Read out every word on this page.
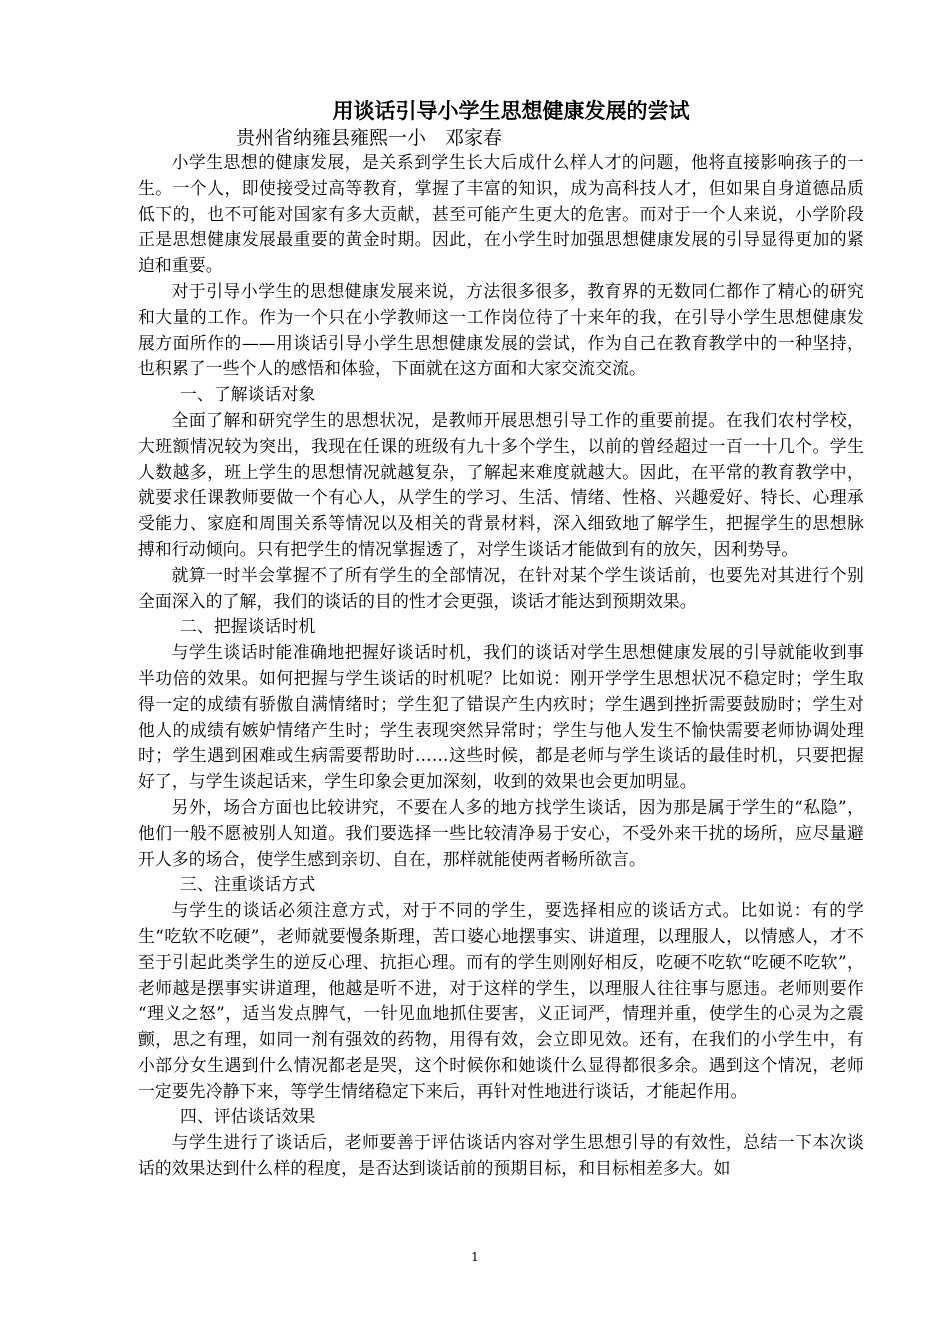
用谈话引导小学生思想健康发展的尝试

贵州省纳雍县雍熙一小　邓家春

小学生思想的健康发展，是关系到学生长大后成什么样人才的问题，他将直接影响孩子的一生。一个人，即使接受过高等教育，掌握了丰富的知识，成为高科技人才，但如果自身道德品质低下的，也不可能对国家有多大贡献，甚至可能产生更大的危害。而对于一个人来说，小学阶段正是思想健康发展最重要的黄金时期。因此，在小学生时加强思想健康发展的引导显得更加的紧迫和重要。

对于引导小学生的思想健康发展来说，方法很多很多，教育界的无数同仁都作了精心的研究和大量的工作。作为一个只在小学教师这一工作岗位待了十来年的我，在引导小学生思想健康发展方面所作的——用谈话引导小学生思想健康发展的尝试，作为自己在教育教学中的一种坚持，也积累了一些个人的感悟和体验，下面就在这方面和大家交流交流。

一、了解谈话对象

全面了解和研究学生的思想状况，是教师开展思想引导工作的重要前提。在我们农村学校，大班额情况较为突出，我现在任课的班级有九十多个学生，以前的曾经超过一百一十几个。学生人数越多，班上学生的思想情况就越复杂，了解起来难度就越大。因此，在平常的教育教学中，就要求任课教师要做一个有心人，从学生的学习、生活、情绪、性格、兴趣爱好、特长、心理承受能力、家庭和周围关系等情况以及相关的背景材料，深入细致地了解学生，把握学生的思想脉搏和行动倾向。只有把学生的情况掌握透了，对学生谈话才能做到有的放矢，因利势导。

就算一时半会掌握不了所有学生的全部情况，在针对某个学生谈话前，也要先对其进行个别全面深入的了解，我们的谈话的目的性才会更强，谈话才能达到预期效果。

二、把握谈话时机

与学生谈话时能准确地把握好谈话时机，我们的谈话对学生思想健康发展的引导就能收到事半功倍的效果。如何把握与学生谈话的时机呢？比如说：刚开学学生思想状况不稳定时；学生取得一定的成绩有骄傲自满情绪时；学生犯了错误产生内疚时；学生遇到挫折需要鼓励时；学生对他人的成绩有嫉妒情绪产生时；学生表现突然异常时；学生与他人发生不愉快需要老师协调处理时；学生遇到困难或生病需要帮助时……这些时候，都是老师与学生谈话的最佳时机，只要把握好了，与学生谈起话来，学生印象会更加深刻，收到的效果也会更加明显。

另外，场合方面也比较讲究，不要在人多的地方找学生谈话，因为那是属于学生的“私隐”，他们一般不愿被别人知道。我们要选择一些比较清净易于安心，不受外来干扰的场所，应尽量避开人多的场合，使学生感到亲切、自在，那样就能使两者畅所欲言。

三、注重谈话方式

与学生的谈话必须注意方式，对于不同的学生，要选择相应的谈话方式。比如说：有的学生“吃软不吃硬”，老师就要慢条斯理，苦口婆心地摆事实、讲道理，以理服人，以情感人，才不至于引起此类学生的逆反心理、抗拒心理。而有的学生则刚好相反，吃硬不吃软“吃硬不吃软”，老师越是摆事实讲道理，他越是听不进，对于这样的学生，以理服人往往事与愿违。老师则要作 “理义之怒”，适当发点脾气，一针见血地抓住要害，义正词严，情理并重，使学生的心灵为之震颤，思之有理，如同一剂有强效的药物，用得有效，会立即见效。还有，在我们的小学生中，有小部分女生遇到什么情况都老是哭，这个时候你和她谈什么显得都很多余。遇到这个情况，老师一定要先冷静下来，等学生情绪稳定下来后，再针对性地进行谈话，才能起作用。

四、评估谈话效果

与学生进行了谈话后，老师要善于评估谈话内容对学生思想引导的有效性，总结一下本次谈话的效果达到什么样的程度，是否达到谈话前的预期目标，和目标相差多大。如

1
